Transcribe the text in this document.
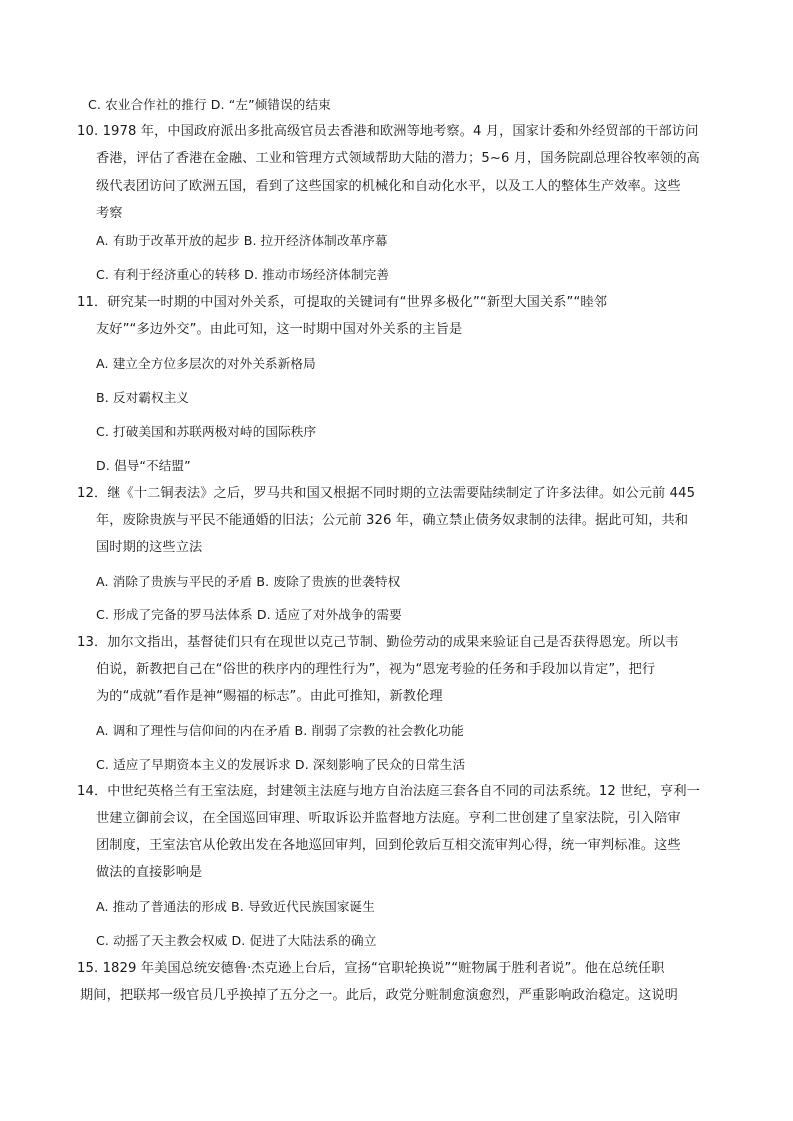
C. 农业合作社的推行 D. “左”倾错误的结束
10. 1978 年，中国政府派出多批高级官员去香港和欧洲等地考察。4 月，国家计委和外经贸部的干部访问
香港，评估了香港在金融、工业和管理方式领域帮助大陆的潜力；5~6 月，国务院副总理谷牧率领的高
级代表团访问了欧洲五国，看到了这些国家的机械化和自动化水平，以及工人的整体生产效率。这些
考察
A. 有助于改革开放的起步 B. 拉开经济体制改革序幕
C. 有利于经济重心的转移 D. 推动市场经济体制完善
11．研究某一时期的中国对外关系，可提取的关键词有“世界多极化”“新型大国关系”“睦邻
友好”“多边外交”。由此可知，这一时期中国对外关系的主旨是
A. 建立全方位多层次的对外关系新格局
B. 反对霸权主义
C. 打破美国和苏联两极对峙的国际秩序
D. 倡导“不结盟”
12．继《十二铜表法》之后，罗马共和国又根据不同时期的立法需要陆续制定了许多法律。如公元前 445
年，废除贵族与平民不能通婚的旧法；公元前 326 年，确立禁止债务奴隶制的法律。据此可知，共和
国时期的这些立法
A. 消除了贵族与平民的矛盾 B. 废除了贵族的世袭特权
C. 形成了完备的罗马法体系 D. 适应了对外战争的需要
13．加尔文指出，基督徒们只有在现世以克己节制、勤俭劳动的成果来验证自己是否获得恩宠。所以韦
伯说，新教把自己在“俗世的秩序内的理性行为”，视为“恩宠考验的任务和手段加以肯定”，把行
为的“成就”看作是神“赐福的标志”。由此可推知，新教伦理
A. 调和了理性与信仰间的内在矛盾 B. 削弱了宗教的社会教化功能
C. 适应了早期资本主义的发展诉求 D. 深刻影响了民众的日常生活
14．中世纪英格兰有王室法庭，封建领主法庭与地方自治法庭三套各自不同的司法系统。12 世纪，亨利一
世建立御前会议，在全国巡回审理、听取诉讼并监督地方法庭。亨利二世创建了皇家法院，引入陪审
团制度，王室法官从伦敦出发在各地巡回审判，回到伦敦后互相交流审判心得，统一审判标准。这些
做法的直接影响是
A. 推动了普通法的形成 B. 导致近代民族国家诞生
C. 动摇了天主教会权威 D. 促进了大陆法系的确立
15. 1829 年美国总统安德鲁·杰克逊上台后，宣扬“官职轮换说”“赃物属于胜利者说”。他在总统任职
期间，把联邦一级官员几乎换掉了五分之一。此后，政党分赃制愈演愈烈，严重影响政治稳定。这说明
